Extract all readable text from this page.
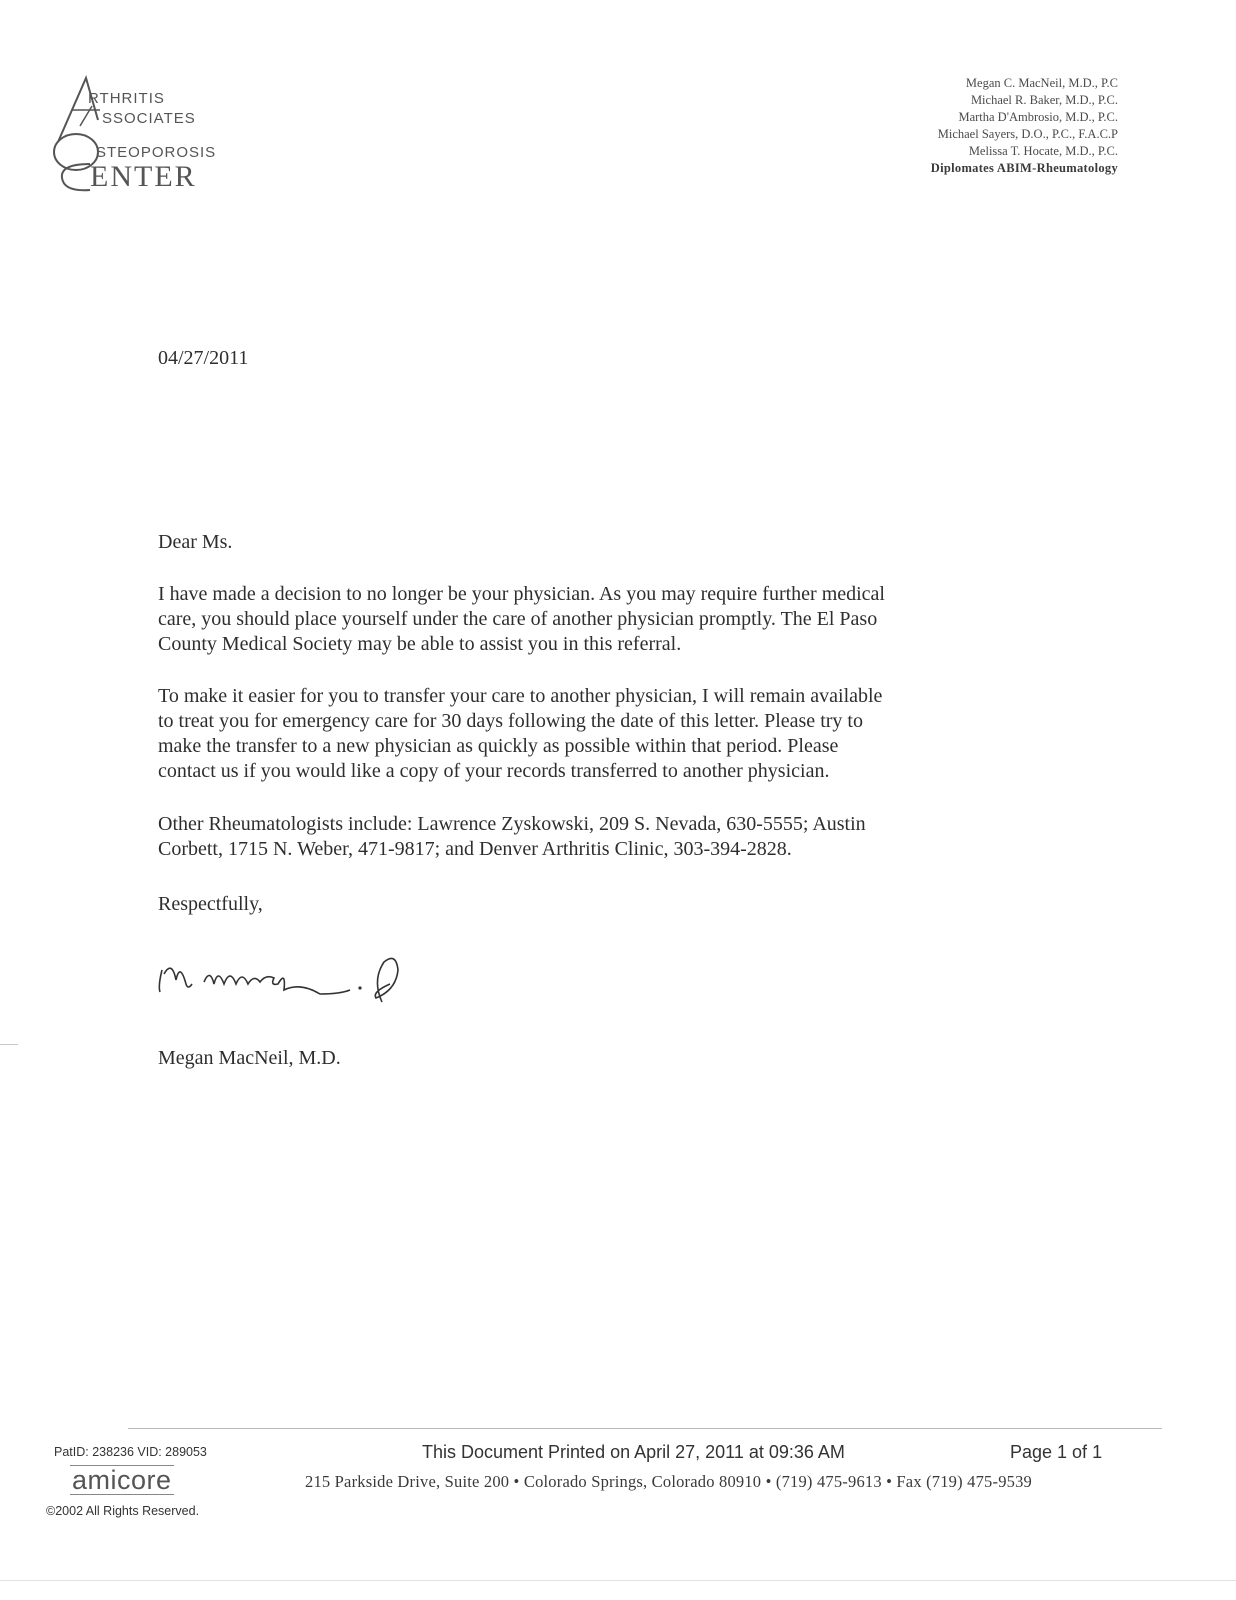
RTHRITIS
SSOCIATES
STEOPOROSIS
ENTER
Megan C. MacNeil, M.D., P.C
Michael R. Baker, M.D., P.C.
Martha D'Ambrosio, M.D., P.C.
Michael Sayers, D.O., P.C., F.A.C.P
Melissa T. Hocate, M.D., P.C.
Diplomates ABIM-Rheumatology
04/27/2011
Dear Ms.
I have made a decision to no longer be your physician. As you may require further medical
care, you should place yourself under the care of another physician promptly. The El Paso
County Medical Society may be able to assist you in this referral.
To make it easier for you to transfer your care to another physician, I will remain available
to treat you for emergency care for 30 days following the date of this letter. Please try to
make the transfer to a new physician as quickly as possible within that period. Please
contact us if you would like a copy of your records transferred to another physician.
Other Rheumatologists include: Lawrence Zyskowski, 209 S. Nevada, 630-5555; Austin
Corbett, 1715 N. Weber, 471-9817; and Denver Arthritis Clinic, 303-394-2828.
Respectfully,
Megan MacNeil, M.D.
PatID: 238236 VID: 289053
amicore
©2002 All Rights Reserved.
This Document Printed on April 27, 2011 at 09:36 AM	Page 1 of 1
215 Parkside Drive, Suite 200 • Colorado Springs, Colorado 80910 • (719) 475-9613 • Fax (719) 475-9539
